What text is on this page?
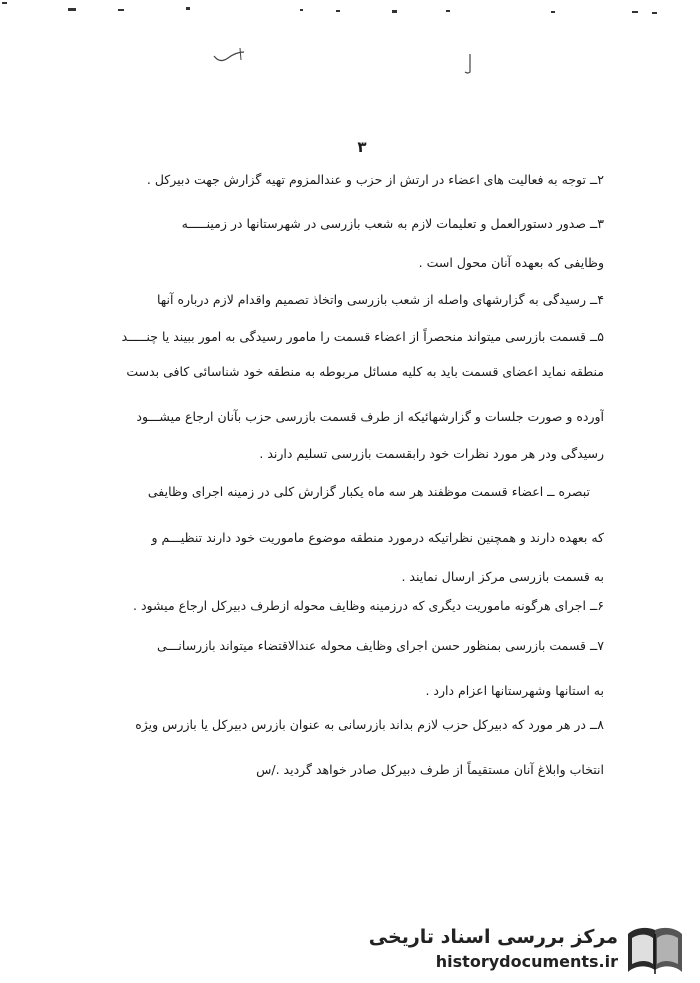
۳
۲ــ توجه به فعالیت های اعضاء در ارتش از حزب و عندالمزوم تهیه گزارش جهت دبیرکل .
۳ــ صدور دستورالعمل و تعلیمات لازم به شعب بازرسی در شهرستانها در زمینـــــه
وظایفی که بعهده آنان محول است .
۴ــ رسیدگی به گزارشهای واصله از شعب بازرسی واتخاذ تصمیم واقدام لازم درباره آنها
۵ــ قسمت بازرسی میتواند منحصراً از اعضاء قسمت را مامور رسیدگی به امور ببیند یا چنـــــد
منطقه نماید اعضای قسمت باید به کلیه مسائل مربوطه به منطقه خود شناسائی کافی بدست
آورده و صورت جلسات و گزارشهائیکه از طرف قسمت بازرسی حزب بآنان ارجاع میشـــود
رسیدگی ودر هر مورد نظرات خود رابقسمت بازرسی تسلیم دارند .
تبصره ــ اعضاء قسمت موظفند هر سه ماه یکبار گزارش کلی در زمینه اجرای وظایفی
که بعهده دارند و همچنین نظراتیکه درمورد منطقه موضوع ماموریت خود دارند تنظیـــم و
به قسمت بازرسی مرکز ارسال نمایند .
۶ــ اجرای هرگونه ماموریت دیگری که درزمینه وظایف محوله ازطرف دبیرکل ارجاع میشود .
۷ــ قسمت بازرسی بمنظور حسن اجرای وظایف محوله عندالاقتضاء میتواند بازرسانـــی
به استانها وشهرستانها اعزام دارد .
۸ــ در هر مورد که دبیرکل حزب لازم بداند بازرسانی به عنوان بازرس دبیرکل یا بازرس ویژه
انتخاب وابلاغ آنان مستقیماً از طرف دبیرکل صادر خواهد گردید ./س
مرکز بررسی اسناد تاریخی
historydocuments.ir
